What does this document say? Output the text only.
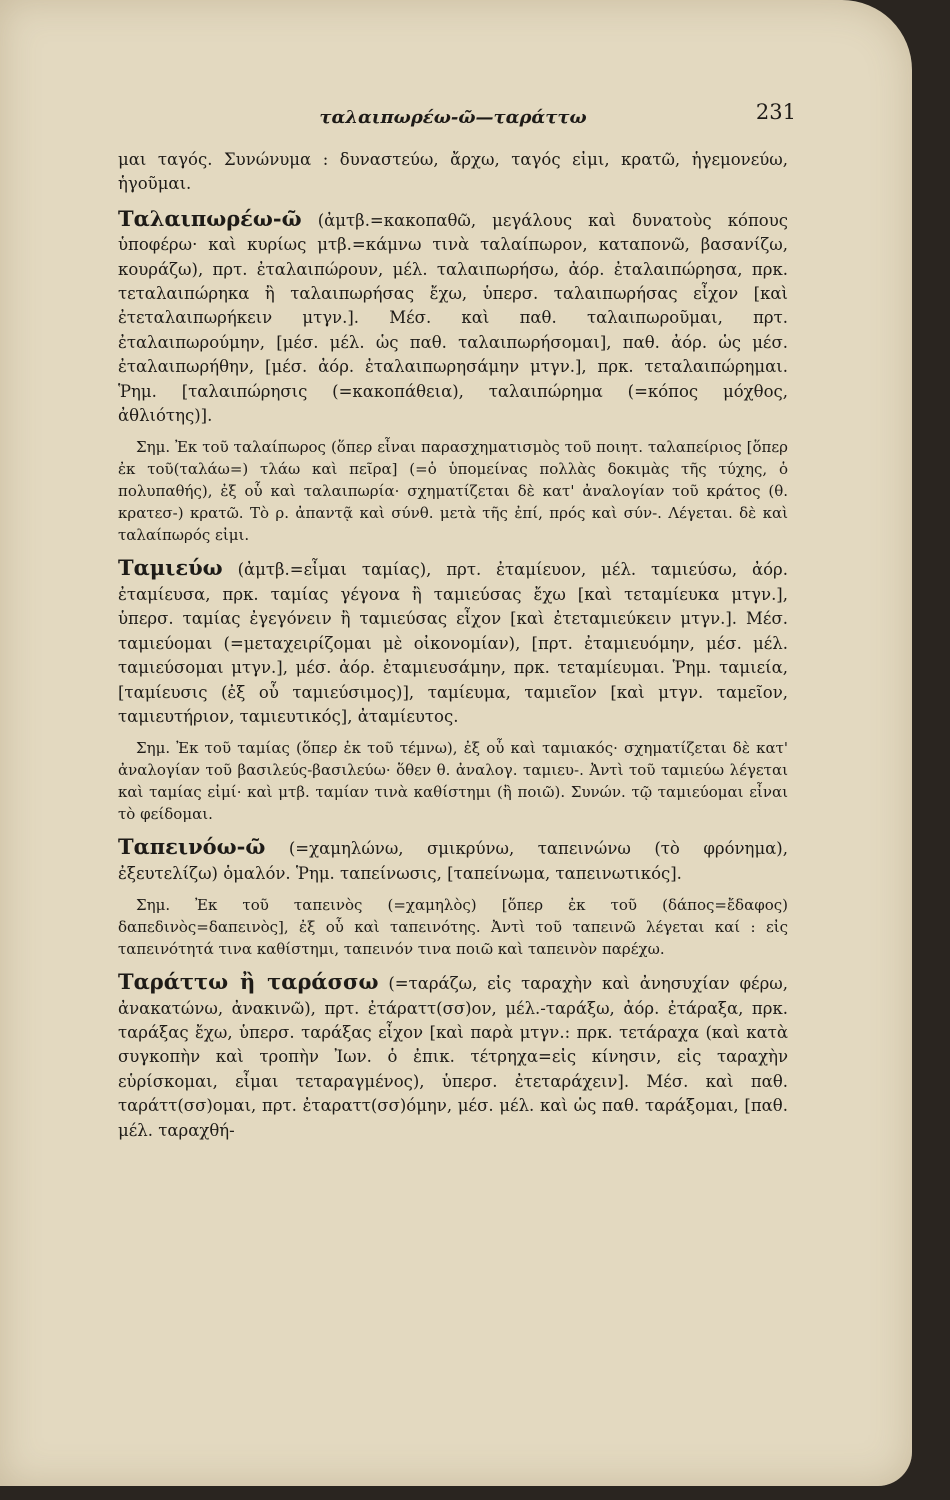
ταλαιπωρέω-ῶ—ταράττω	231

μαι ταγός. Συνώνυμα : δυναστεύω, ἄρχω, ταγός εἰμι, κρατῶ, ἡγεμονεύω, ἡγοῦμαι.

Ταλαιπωρέω-ῶ (ἀμτβ.=κακοπαθῶ, μεγάλους καὶ δυνατοὺς κόπους ὑποφέρω· καὶ κυρίως μτβ.=κάμνω τινὰ ταλαίπωρον, καταπονῶ, βασανίζω, κουράζω), πρτ. ἐταλαιπώρουν, μέλ. ταλαιπωρήσω, ἀόρ. ἐταλαιπώρησα, πρκ. τεταλαιπώρηκα ἢ ταλαιπωρήσας ἔχω, ὑπερσ. ταλαιπωρήσας εἶχον [καὶ ἐτεταλαιπωρήκειν μτγν.]. Μέσ. καὶ παθ. ταλαιπωροῦμαι, πρτ. ἐταλαιπωρούμην, [μέσ. μέλ. ὡς παθ. ταλαιπωρήσομαι], παθ. ἀόρ. ὡς μέσ. ἐταλαιπωρήθην, [μέσ. ἀόρ. ἐταλαιπωρησάμην μτγν.], πρκ. τεταλαιπώρημαι. Ῥημ. [ταλαιπώρησις (=κακοπάθεια), ταλαιπώρημα (=κόπος μόχθος, ἀθλιότης)].

Σημ. Ἐκ τοῦ ταλαίπωρος (ὅπερ εἶναι παρασχηματισμὸς τοῦ ποιητ. ταλαπείριος [ὅπερ ἐκ τοῦ(ταλάω=) τλάω καὶ πεῖρα] (=ὁ ὑπομείνας πολλὰς δοκιμὰς τῆς τύχης, ὁ πολυπαθής), ἐξ οὗ καὶ ταλαιπωρία· σχηματίζεται δὲ κατ' ἀναλογίαν τοῦ κράτος (θ. κρατεσ-) κρατῶ. Τὸ ρ. ἀπαντᾷ καὶ σύνθ. μετὰ τῆς ἐπί, πρός καὶ σύν-. Λέγεται. δὲ καὶ ταλαίπωρός εἰμι.

Ταμιεύω (ἀμτβ.=εἶμαι ταμίας), πρτ. ἐταμίευον, μέλ. ταμιεύσω, ἀόρ. ἐταμίευσα, πρκ. ταμίας γέγονα ἢ ταμιεύσας ἔχω [καὶ τεταμίευκα μτγν.], ὑπερσ. ταμίας ἐγεγόνειν ἢ ταμιεύσας εἶχον [καὶ ἐτεταμιεύκειν μτγν.]. Μέσ. ταμιεύομαι (=μεταχειρίζομαι μὲ οἰκονομίαν), [πρτ. ἐταμιευόμην, μέσ. μέλ. ταμιεύσομαι μτγν.], μέσ. ἀόρ. ἐταμιευσάμην, πρκ. τεταμίευμαι. Ῥημ. ταμιεία, [ταμίευσις (ἐξ οὗ ταμιεύσιμος)], ταμίευμα, ταμιεῖον [καὶ μτγν. ταμεῖον, ταμιευτήριον, ταμιευτικός], ἀταμίευτος.

Σημ. Ἐκ τοῦ ταμίας (ὅπερ ἐκ τοῦ τέμνω), ἐξ οὗ καὶ ταμιακός· σχηματίζεται δὲ κατ' ἀναλογίαν τοῦ βασιλεύς-βασιλεύω· ὅθεν θ. ἀναλογ. ταμιευ-. Ἀντὶ τοῦ ταμιεύω λέγεται καὶ ταμίας εἰμί· καὶ μτβ. ταμίαν τινὰ καθίστημι (ἢ ποιῶ). Συνών. τῷ ταμιεύομαι εἶναι τὸ φείδομαι.

Ταπεινόω-ῶ (=χαμηλώνω, σμικρύνω, ταπεινώνω (τὸ φρόνημα), ἐξευτελίζω) ὁμαλόν. Ῥημ. ταπείνωσις, [ταπείνωμα, ταπεινωτικός].

Σημ. Ἐκ τοῦ ταπεινὸς (=χαμηλὸς) [ὅπερ ἐκ τοῦ (δάπος=ἔδαφος) δαπεδινὸς=δαπεινὸς], ἐξ οὗ καὶ ταπεινότης. Ἀντὶ τοῦ ταπεινῶ λέγεται καί : εἰς ταπεινότητά τινα καθίστημι, ταπεινόν τινα ποιῶ καὶ ταπεινὸν παρέχω.

Ταράττω ἢ ταράσσω (=ταράζω, εἰς ταραχὴν καὶ ἀνησυχίαν φέρω, ἀνακατώνω, ἀνακινῶ), πρτ. ἐτάραττ(σσ)ον, μέλ.-ταράξω, ἀόρ. ἐτάραξα, πρκ. ταράξας ἔχω, ὑπερσ. ταράξας εἶχον [καὶ παρὰ μτγν.: πρκ. τετάραχα (καὶ κατὰ συγκοπὴν καὶ τροπὴν Ἰων. ὁ ἐπικ. τέτρηχα=εἰς κίνησιν, εἰς ταραχὴν εὑρίσκομαι, εἶμαι τεταραγμένος), ὑπερσ. ἐτεταράχειν]. Μέσ. καὶ παθ. ταράττ(σσ)ομαι, πρτ. ἐταραττ(σσ)όμην, μέσ. μέλ. καὶ ὡς παθ. ταράξομαι, [παθ. μέλ. ταραχθή-
